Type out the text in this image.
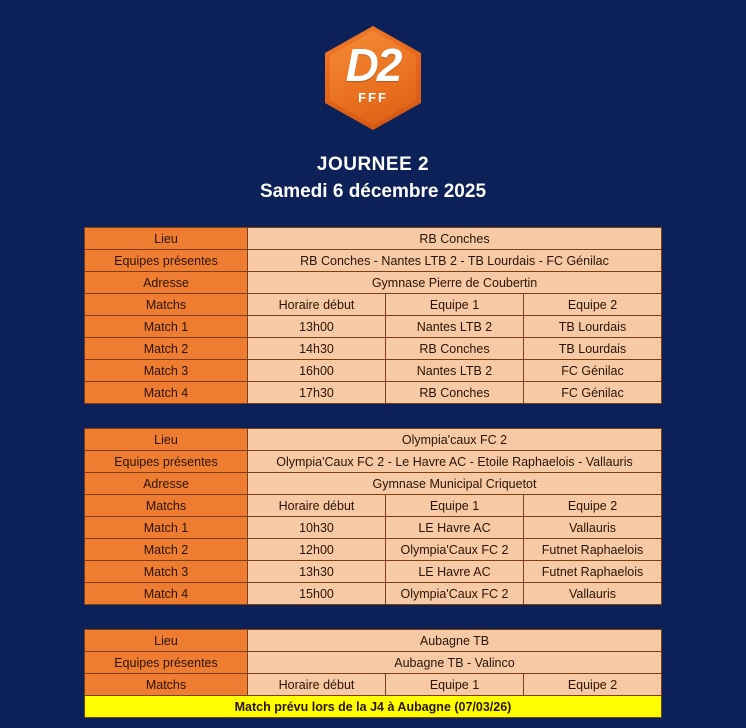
D2
FFF
JOURNEE 2
Samedi 6 décembre 2025
Lieu	RB Conches		
Equipes présentes	RB Conches - Nantes LTB 2 - TB Lourdais - FC Génilac		
Adresse	Gymnase Pierre de Coubertin		
Matchs	Horaire début	Equipe 1	Equipe 2
Match 1	13h00	Nantes LTB 2	TB Lourdais
Match 2	14h30	RB Conches	TB Lourdais
Match 3	16h00	Nantes LTB 2	FC Génilac
Match 4	17h30	RB Conches	FC Génilac
Lieu	Olympia'caux FC 2		
Equipes présentes	Olympia'Caux FC 2 - Le Havre AC - Etoile Raphaelois - Vallauris		
Adresse	Gymnase Municipal Criquetot		
Matchs	Horaire début	Equipe 1	Equipe 2
Match 1	10h30	LE Havre AC	Vallauris
Match 2	12h00	Olympia'Caux FC 2	Futnet Raphaelois
Match 3	13h30	LE Havre AC	Futnet Raphaelois
Match 4	15h00	Olympia'Caux FC 2	Vallauris
Lieu	Aubagne TB		
Equipes présentes	Aubagne TB - Valinco		
Matchs	Horaire début	Equipe 1	Equipe 2
Match prévu lors de la J4 à Aubagne (07/03/26)			
